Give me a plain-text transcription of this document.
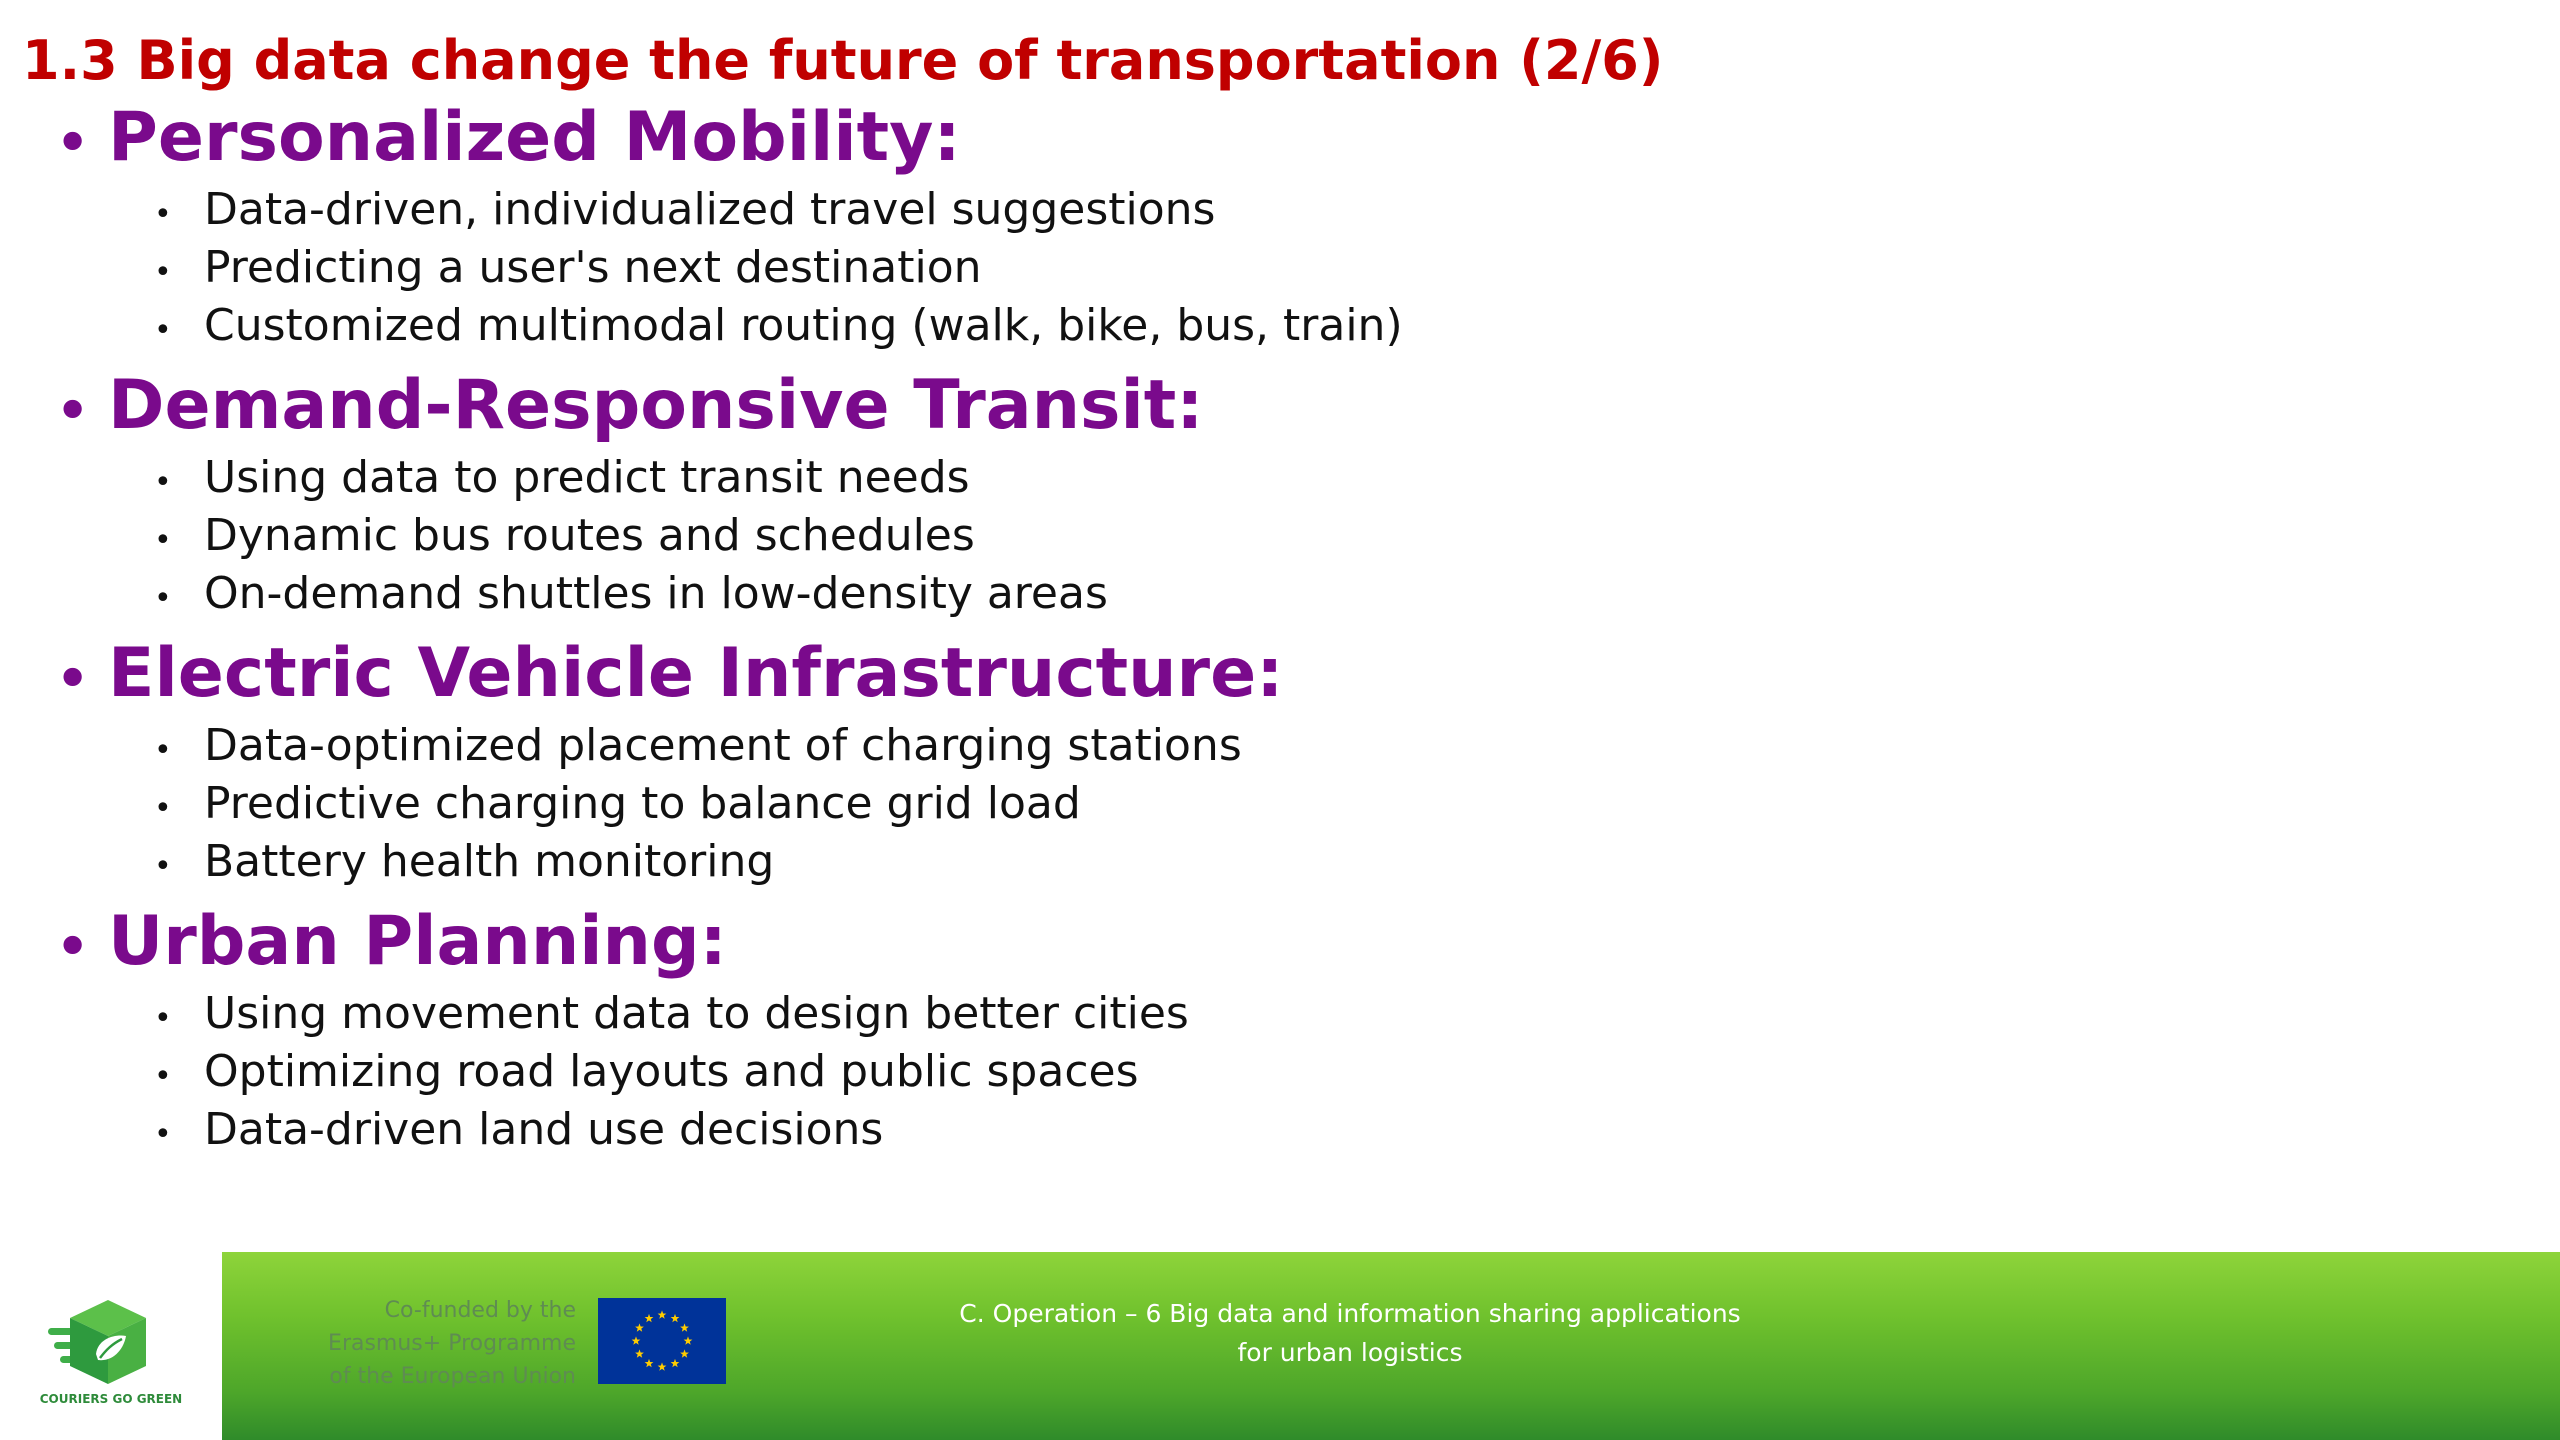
1.3 Big data change the future of transportation (2/6)
• Personalized Mobility:
• Data-driven, individualized travel suggestions
• Predicting a user's next destination
• Customized multimodal routing (walk, bike, bus, train)
• Demand-Responsive Transit:
• Using data to predict transit needs
• Dynamic bus routes and schedules
• On-demand shuttles in low-density areas
• Electric Vehicle Infrastructure:
• Data-optimized placement of charging stations
• Predictive charging to balance grid load
• Battery health monitoring
• Urban Planning:
• Using movement data to design better cities
• Optimizing road layouts and public spaces
• Data-driven land use decisions
COURIERS GO GREEN
Co-funded by the
Erasmus+ Programme
of the European Union
C. Operation – 6 Big data and information sharing applications
for urban logistics
